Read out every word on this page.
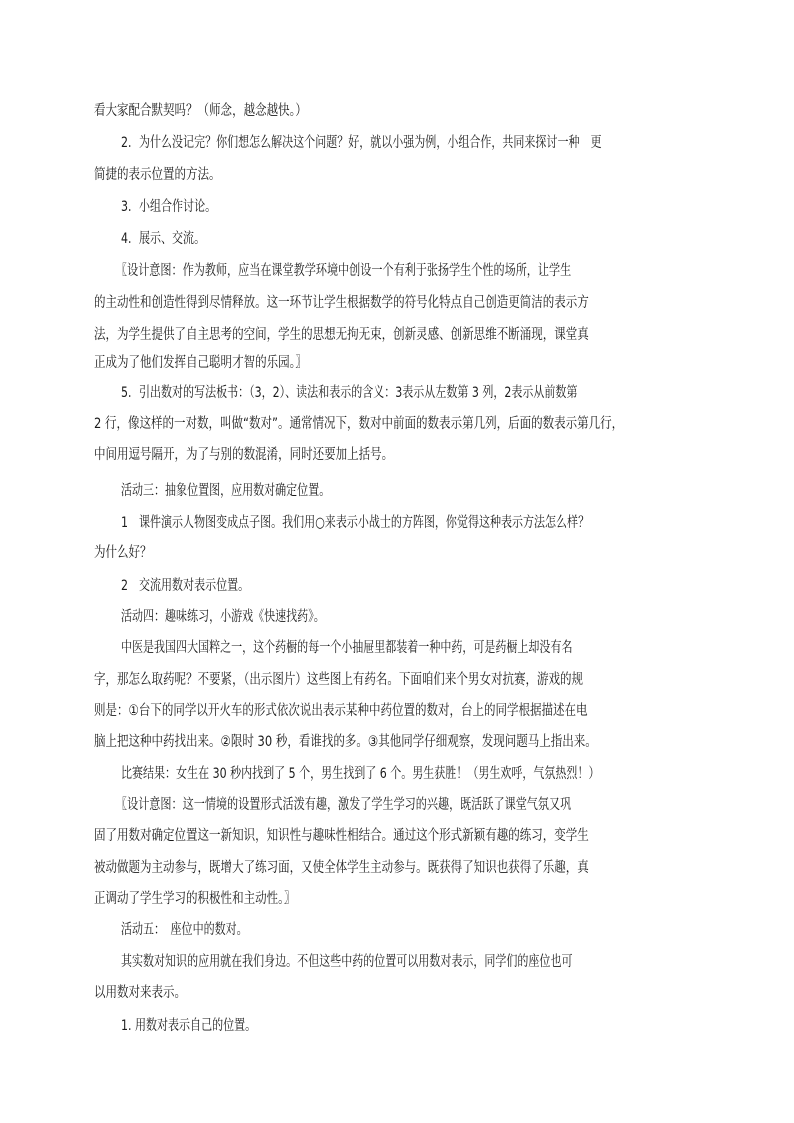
看大家配合默契吗？（师念，越念越快。）
2．为什么没记完？你们想怎么解决这个问题？好，就以小强为例，小组合作，共同来探讨一种　更
简捷的表示位置的方法。
3．小组合作讨论。
4．展示、交流。
〖设计意图：作为教师，应当在课堂教学环境中创设一个有利于张扬学生个性的场所，让学生
的主动性和创造性得到尽情释放。这一环节让学生根据数学的符号化特点自己创造更简洁的表示方
法，为学生提供了自主思考的空间，学生的思想无拘无束，创新灵感、创新思维不断涌现，课堂真
正成为了他们发挥自己聪明才智的乐园。〗
5．引出数对的写法板书：（3，2）、读法和表示的含义：3表示从左数第 3 列，2表示从前数第
2 行，像这样的一对数，叫做“数对”。通常情况下，数对中前面的数表示第几列，后面的数表示第几行，
中间用逗号隔开，为了与别的数混淆，同时还要加上括号。
活动三：抽象位置图，应用数对确定位置。
1　课件演示人物图变成点子图。我们用○来表示小战士的方阵图，你觉得这种表示方法怎么样？
为什么好？
2　交流用数对表示位置。
活动四：趣味练习，小游戏《快速找药》。
中医是我国四大国粹之一，这个药橱的每一个小抽屉里都装着一种中药，可是药橱上却没有名
字，那怎么取药呢？不要紧，（出示图片）这些图上有药名。下面咱们来个男女对抗赛，游戏的规
则是：①台下的同学以开火车的形式依次说出表示某种中药位置的数对，台上的同学根据描述在电
脑上把这种中药找出来。②限时 30 秒，看谁找的多。③其他同学仔细观察，发现问题马上指出来。
比赛结果：女生在 30 秒内找到了 5 个，男生找到了 6 个。男生获胜！（男生欢呼，气氛热烈！）
〖设计意图：这一情境的设置形式活泼有趣，激发了学生学习的兴趣，既活跃了课堂气氛又巩
固了用数对确定位置这一新知识，知识性与趣味性相结合。通过这个形式新颖有趣的练习，变学生
被动做题为主动参与，既增大了练习面，又使全体学生主动参与。既获得了知识也获得了乐趣，真
正调动了学生学习的积极性和主动性。〗
活动五：　座位中的数对。
其实数对知识的应用就在我们身边。不但这些中药的位置可以用数对表示，同学们的座位也可
以用数对来表示。
1. 用数对表示自己的位置。
